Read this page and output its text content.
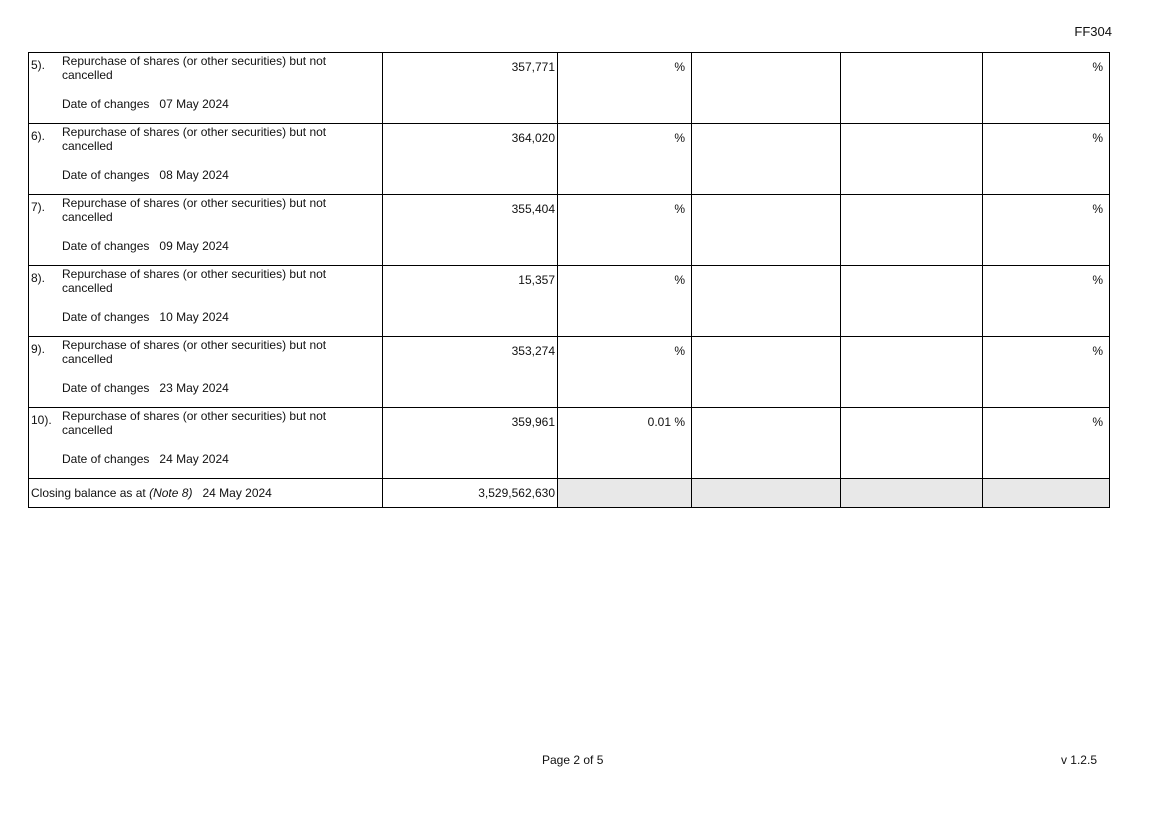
FF304
5). Repurchase of shares (or other securities) but not cancelled
Date of changes 07 May 2024	357,771	%			%

6). Repurchase of shares (or other securities) but not cancelled
Date of changes 08 May 2024	364,020	%			%

7). Repurchase of shares (or other securities) but not cancelled
Date of changes 09 May 2024	355,404	%			%

8). Repurchase of shares (or other securities) but not cancelled
Date of changes 10 May 2024	15,357	%			%

9). Repurchase of shares (or other securities) but not cancelled
Date of changes 23 May 2024	353,274	%			%

10). Repurchase of shares (or other securities) but not cancelled
Date of changes 24 May 2024	359,961	0.01 %			%
Closing balance as at (Note 8) 24 May 2024	3,529,562,630				
Page 2 of 5	v 1.2.5
